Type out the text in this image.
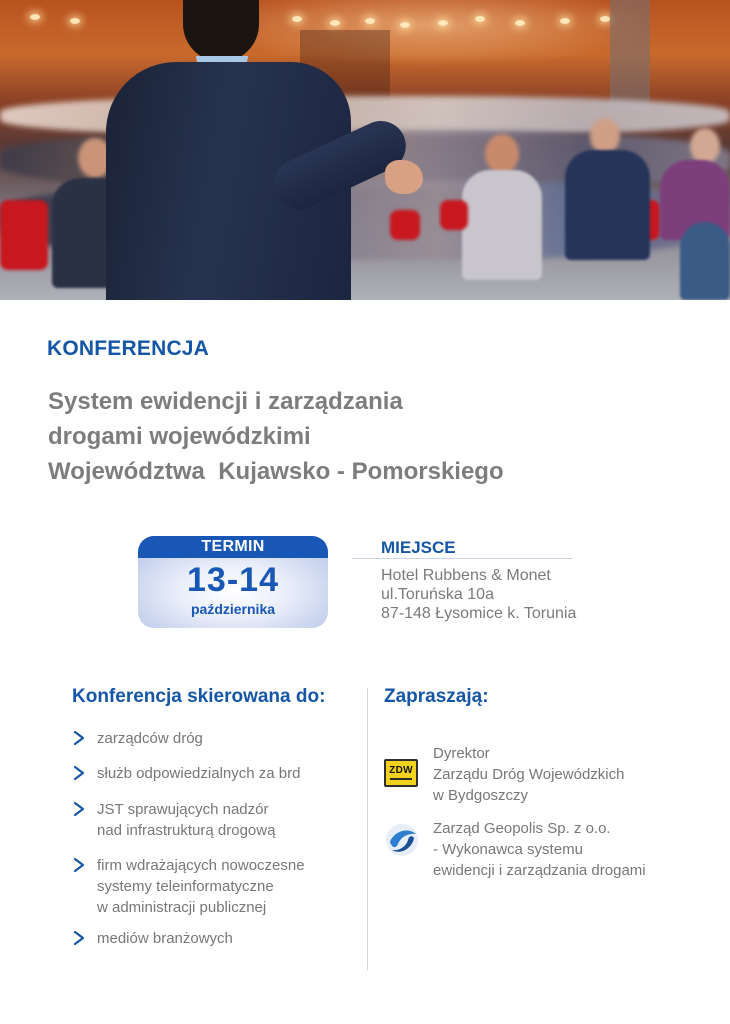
KONFERENCJA
System ewidencji i zarządzania
drogami wojewódzkimi
Województwa  Kujawsko - Pomorskiego
TERMIN
13-14
października
MIEJSCE
Hotel Rubbens & Monet
ul.Toruńska 10a
87-148 Łysomice k. Torunia
Konferencja skierowana do:
zarządców dróg
służb odpowiedzialnych za brd
JST sprawujących nadzór
nad infrastrukturą drogową
firm wdrażających nowoczesne
systemy teleinformatyczne
w administracji publicznej
mediów branżowych
Zapraszają:
ZDW
Dyrektor
Zarządu Dróg Wojewódzkich
w Bydgoszczy
Zarząd Geopolis Sp. z o.o.
- Wykonawca systemu
ewidencji i zarządzania drogami
